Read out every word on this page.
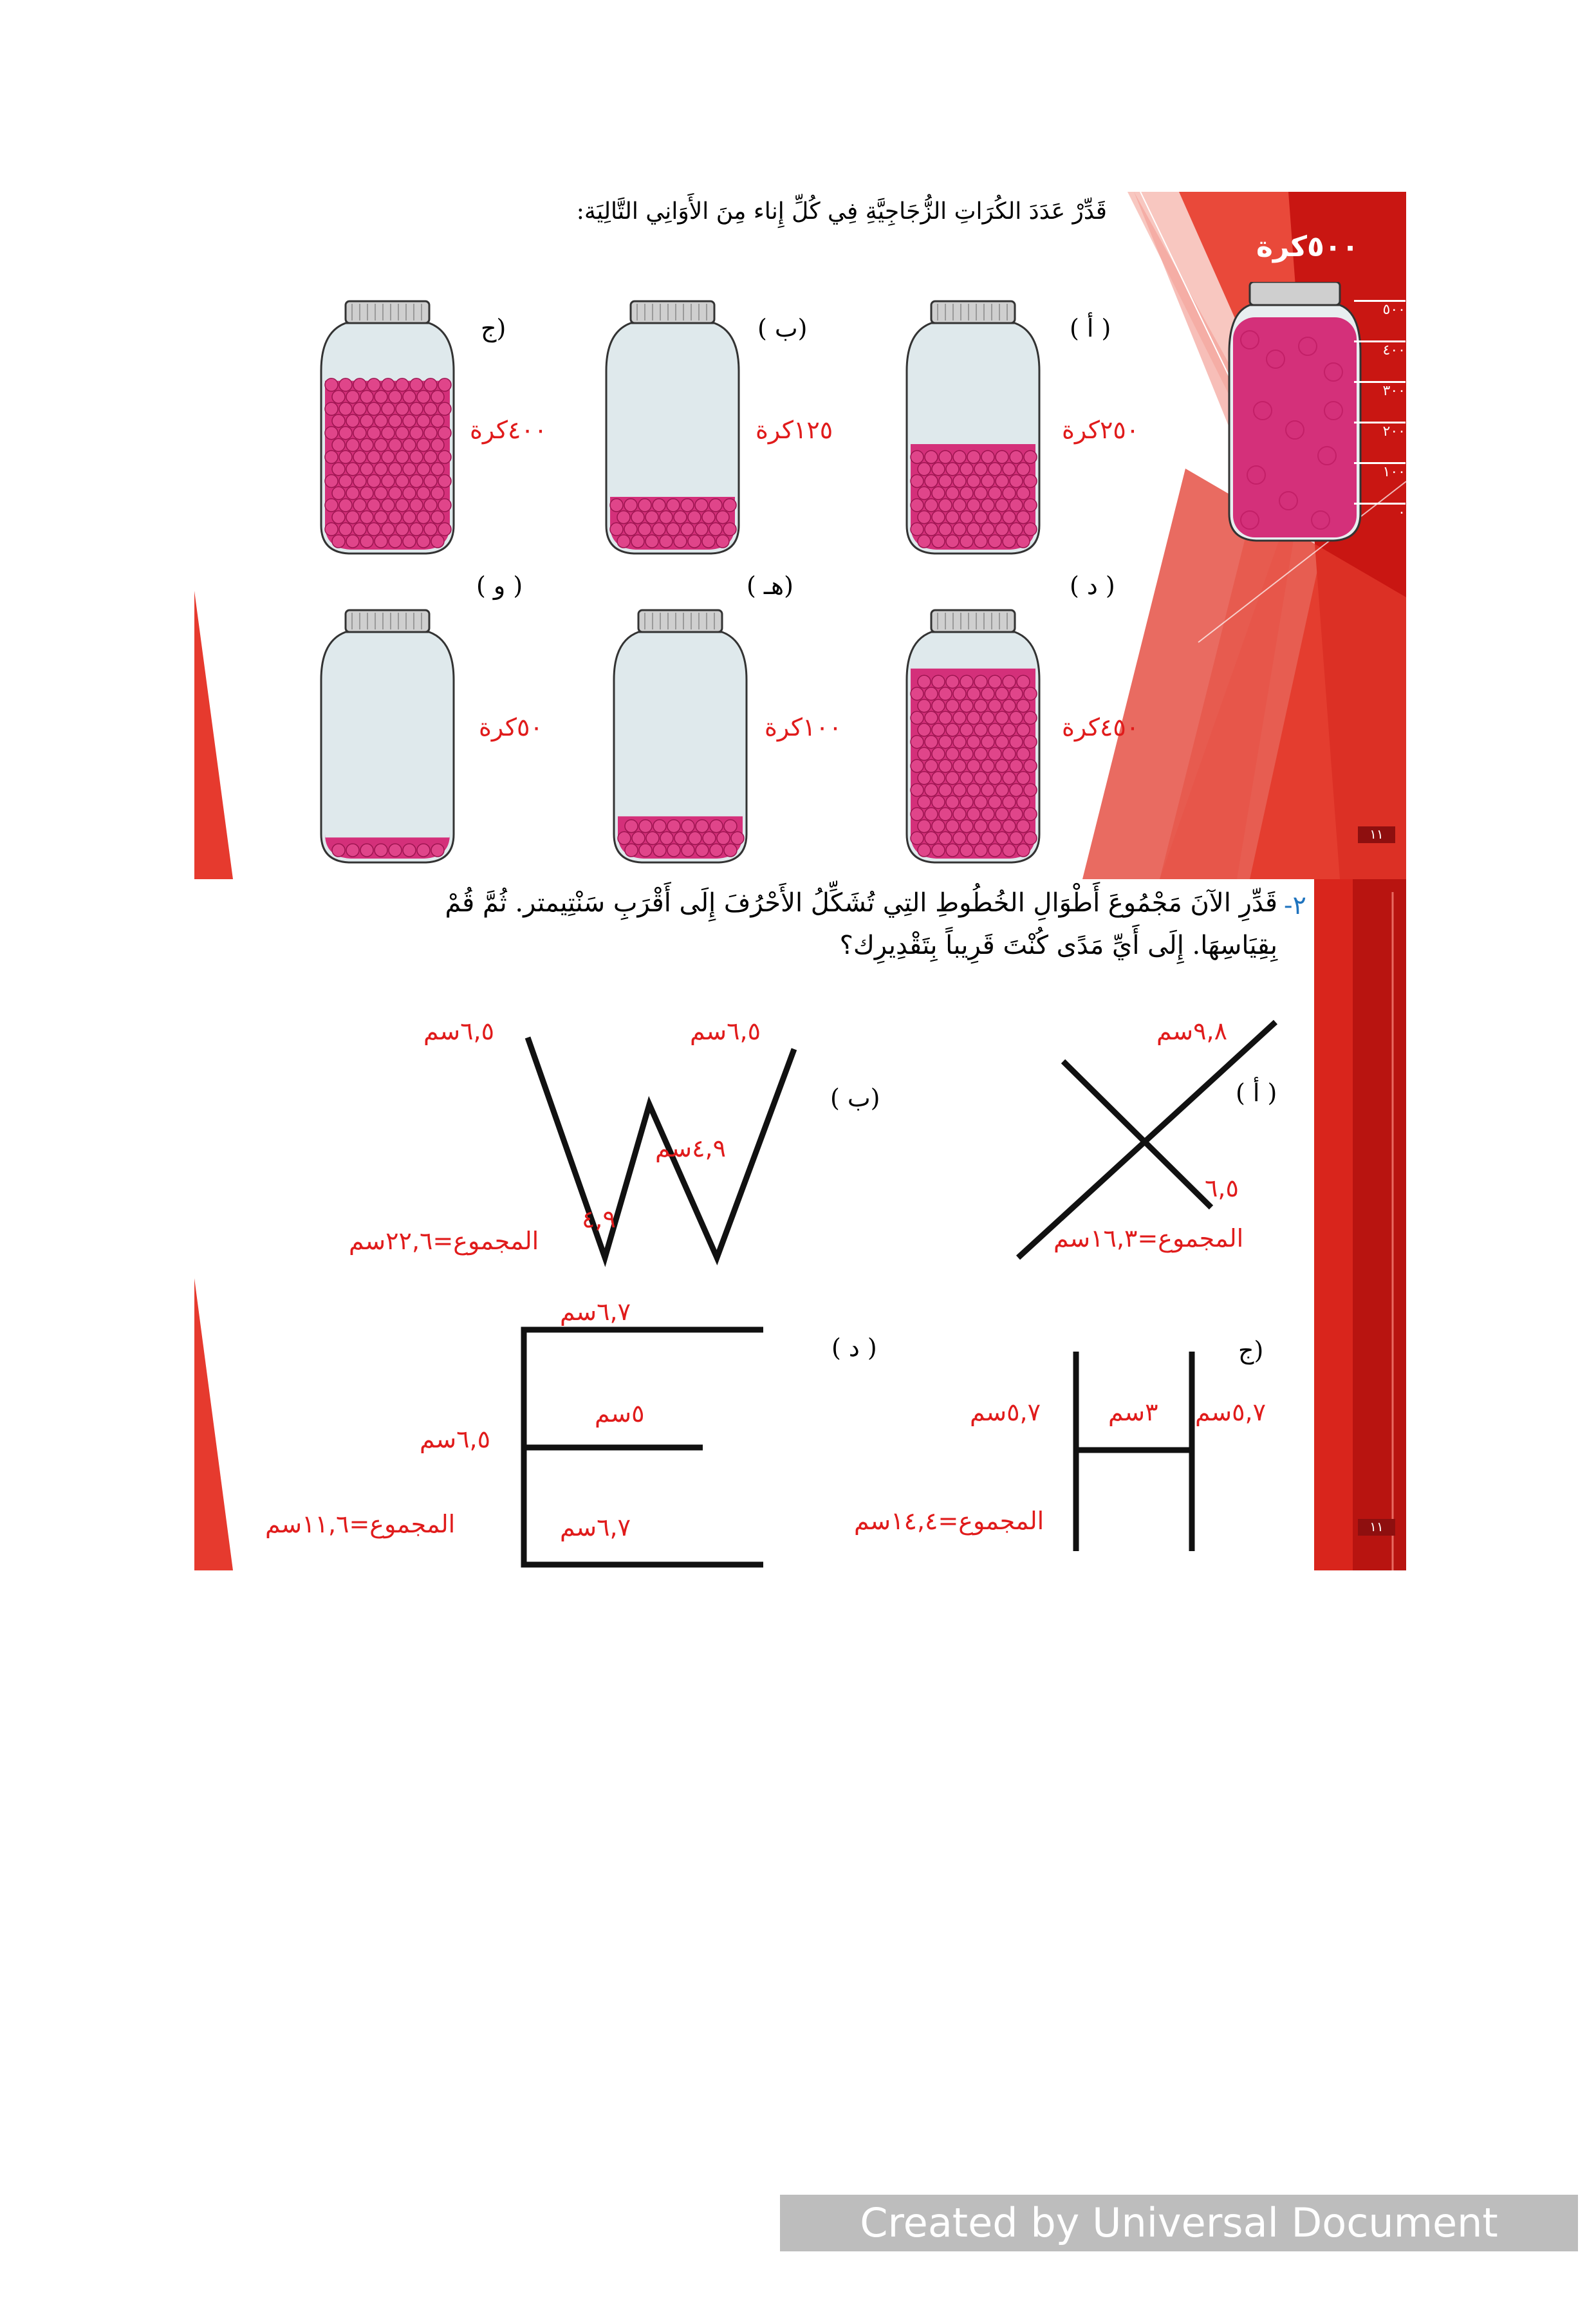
١١
قَدِّرْ عَدَدَ الكُرَاتِ الزُّجَاجِيَّةِ فِي كُلِّ إِناء مِنَ الأَوَانِي التَّالِيَة:
٥٠٠كرة
٥٠٠
٤٠٠
٣٠٠
٢٠٠
١٠٠
٠
( أ )
٢٥٠كرة
(ب )
١٢٥كرة
(ج
٤٠٠كرة
( د )
٤٥٠كرة
(هـ )
١٠٠كرة
( و )
٥٠كرة
١١
٢-
قَدِّرِ الآنَ مَجْمُوعَ أَطْوَالِ الخُطُوطِ التِي تُشَكِّلُ الأَحْرُفَ إِلَى أَقْرَبِ سَنْتِيمتر. ثُمَّ قُمْ
بِقِيَاسِهَا. إِلَى أَيِّ مَدًى كُنْتَ قَرِيباً بِتَقْدِيرِك؟
( أ )
٩,٨سم
٦,٥
المجموع=١٦,٣سم
(ب )
٦,٥سم	٦,٥سم
٤,٩سم
٤,٩
المجموع=٢٢,٦سم
(ج
٥,٧سم
٣سم
٥,٧سم
المجموع=١٤,٤سم
( د )
٦,٧سم
٥سم
٦,٥سم
٦,٧سم
المجموع=١١,٦سم
Created by Universal Document Converter
